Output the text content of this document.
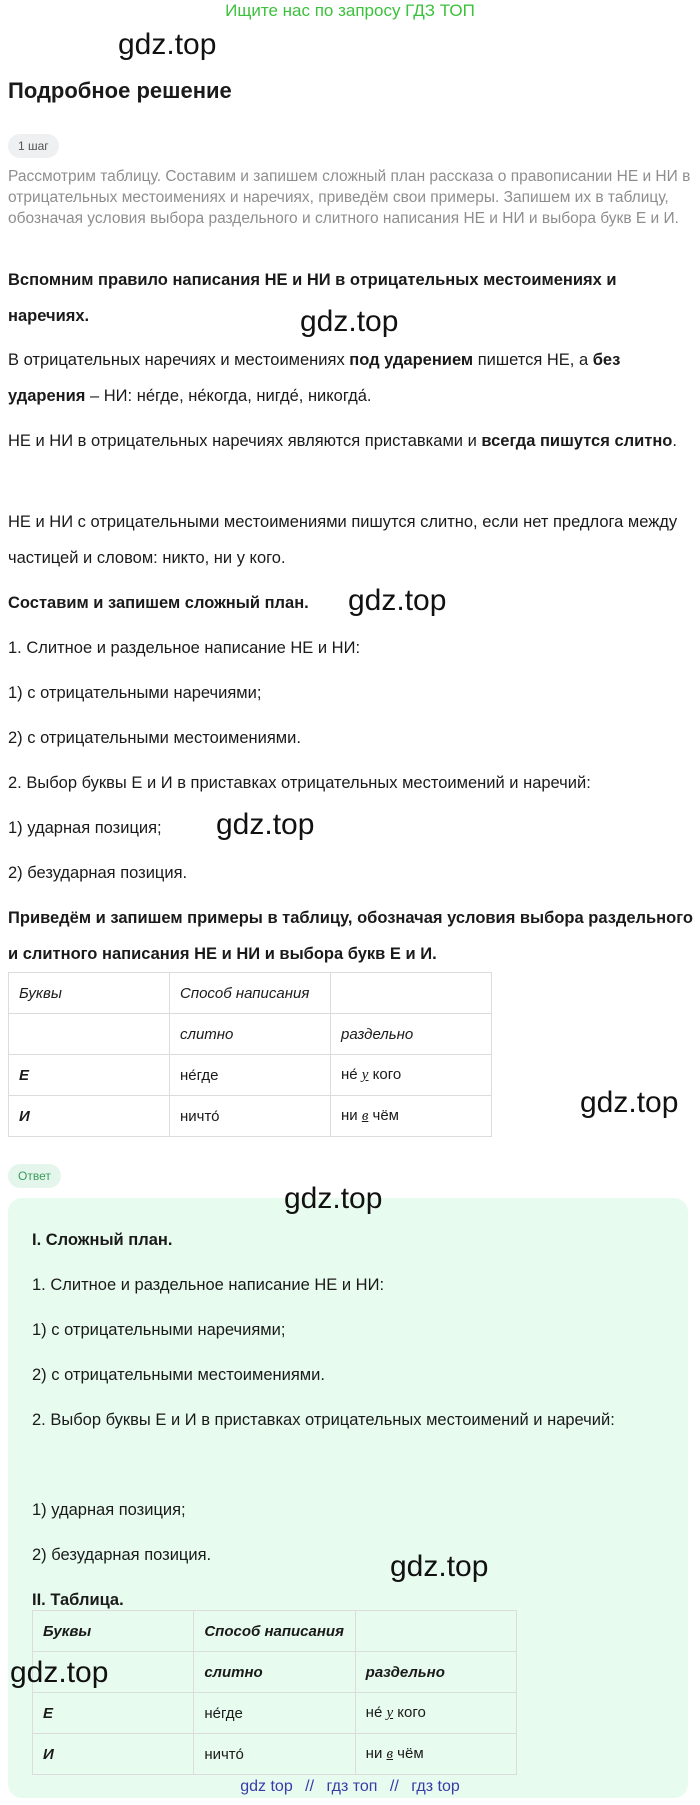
Ищите нас по запросу ГДЗ ТОП
gdz.top
Подробное решение
1 шаг
Рассмотрим таблицу. Составим и запишем сложный план рассказа о правописании НЕ и НИ в отрицательных местоимениях и наречиях, приведём свои примеры. Запишем их в таблицу, обозначая условия выбора раздельного и слитного написания НЕ и НИ и выбора букв Е и И.
Вспомним правило написания НЕ и НИ в отрицательных местоимениях и наречиях.	gdz.top
В отрицательных наречиях и местоимениях под ударением пишется НЕ, а без ударения – НИ: не́где, не́когда, нигде́, никогда́.
НЕ и НИ в отрицательных наречиях являются приставками и всегда пишутся слитно.
НЕ и НИ с отрицательными местоимениями пишутся слитно, если нет предлога между частицей и словом: никто, ни у кого.
Составим и запишем сложный план.	gdz.top
1. Слитное и раздельное написание НЕ и НИ:
1) с отрицательными наречиями;
2) с отрицательными местоимениями.
2. Выбор буквы Е и И в приставках отрицательных местоимений и наречий:
1) ударная позиция;	gdz.top
2) безударная позиция.
Приведём и запишем примеры в таблицу, обозначая условия выбора раздельного и слитного написания НЕ и НИ и выбора букв Е и И.
Буквы	Способ написания	
	слитно	раздельно
Е	не́где	не́ у кого
И	ничто́	ни в чём	gdz.top
Ответ
gdz.top
I. Сложный план.
1. Слитное и раздельное написание НЕ и НИ:
1) с отрицательными наречиями;
2) с отрицательными местоимениями.
2. Выбор буквы Е и И в приставках отрицательных местоимений и наречий:
1) ударная позиция;
2) безударная позиция.	gdz.top
II. Таблица.
Буквы	Способ написания	
	слитно	раздельно
Е	не́где	не́ у кого
И	ничто́	ни в чём
gdz.top
gdz top // гдз топ // гдз top
